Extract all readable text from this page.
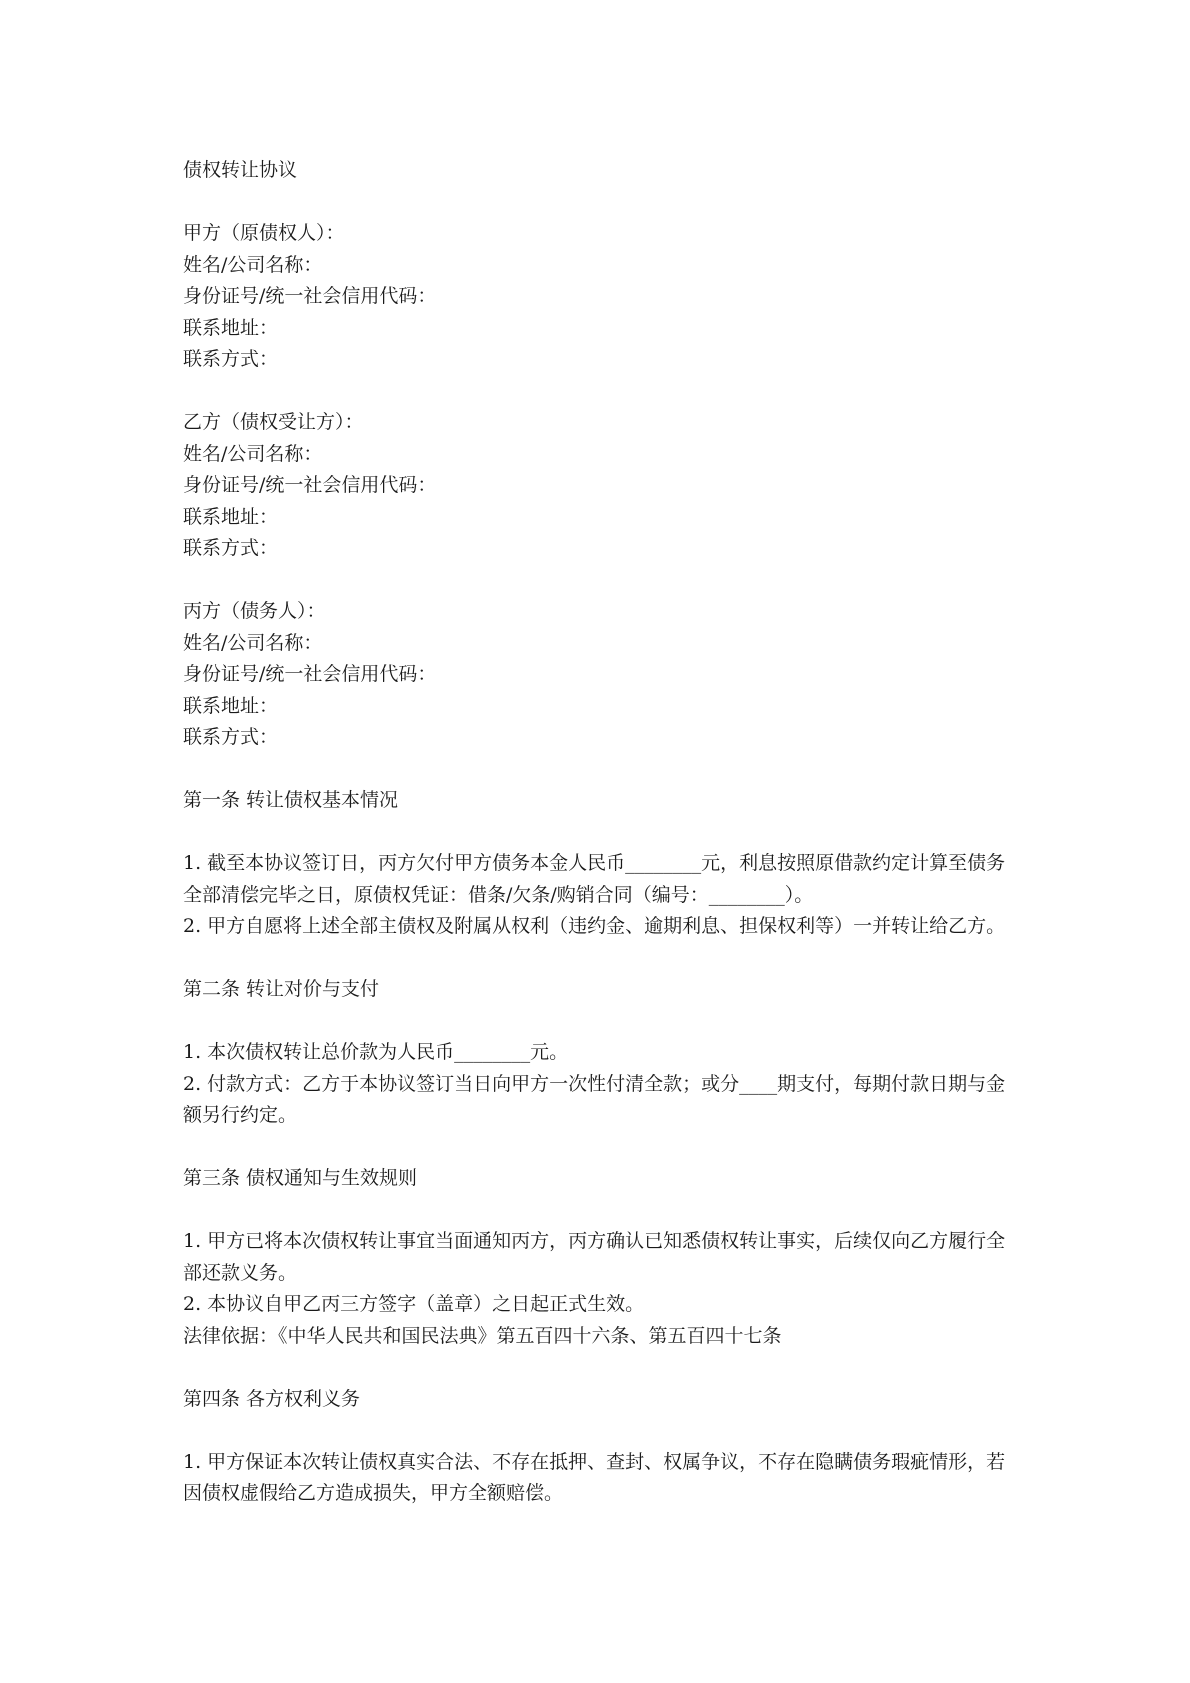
债权转让协议

甲方（原债权人）：

姓名/公司名称：

身份证号/统一社会信用代码：

联系地址：

联系方式：

乙方（债权受让方）：

姓名/公司名称：

身份证号/统一社会信用代码：

联系地址：

联系方式：

丙方（债务人）：

姓名/公司名称：

身份证号/统一社会信用代码：

联系地址：

联系方式：

第一条 转让债权基本情况

1. 截至本协议签订日，丙方欠付甲方债务本金人民币________元，利息按照原借款约定计算至债务全部清偿完毕之日，原债权凭证：借条/欠条/购销合同（编号：________）。

2. 甲方自愿将上述全部主债权及附属从权利（违约金、逾期利息、担保权利等）一并转让给乙方。

第二条 转让对价与支付

1. 本次债权转让总价款为人民币________元。

2. 付款方式：乙方于本协议签订当日向甲方一次性付清全款；或分____期支付，每期付款日期与金额另行约定。

第三条 债权通知与生效规则

1. 甲方已将本次债权转让事宜当面通知丙方，丙方确认已知悉债权转让事实，后续仅向乙方履行全部还款义务。

2. 本协议自甲乙丙三方签字（盖章）之日起正式生效。

法律依据：《中华人民共和国民法典》第五百四十六条、第五百四十七条

第四条 各方权利义务

1. 甲方保证本次转让债权真实合法、不存在抵押、查封、权属争议，不存在隐瞒债务瑕疵情形，若因债权虚假给乙方造成损失，甲方全额赔偿。
